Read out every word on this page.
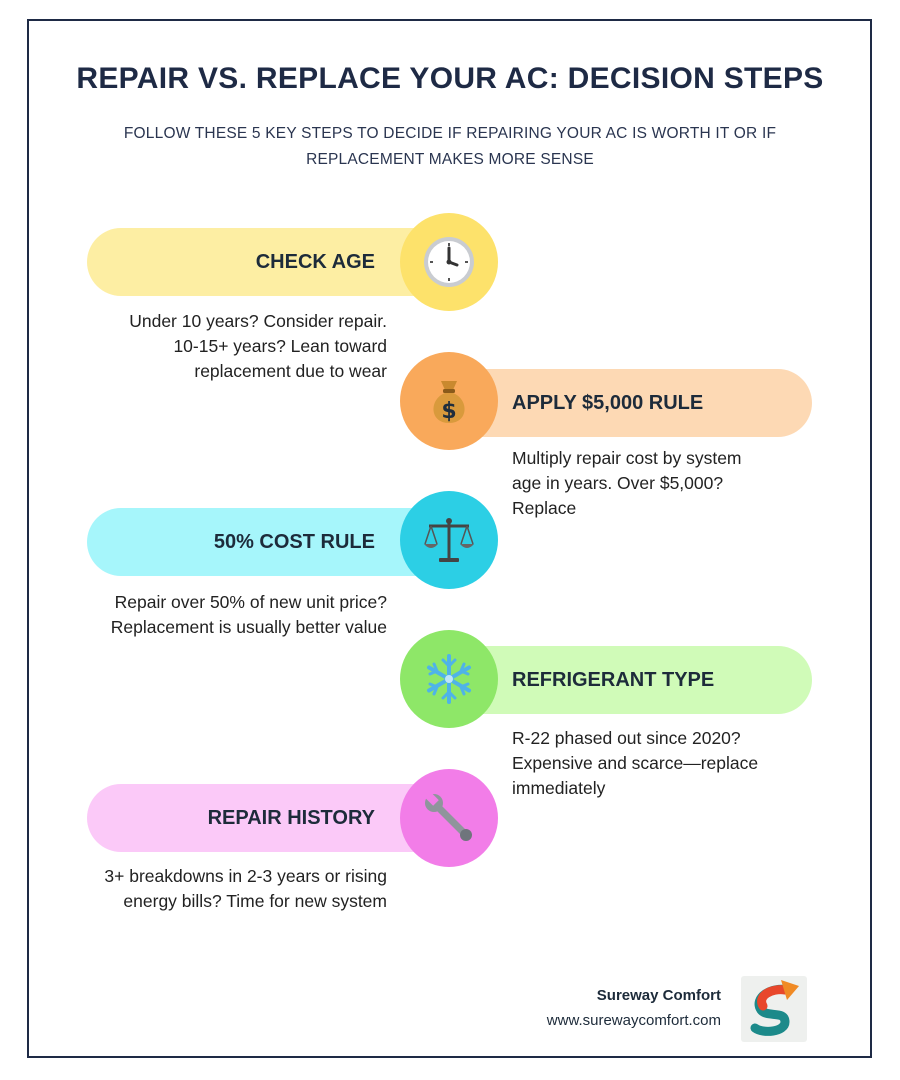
REPAIR VS. REPLACE YOUR AC: DECISION STEPS

FOLLOW THESE 5 KEY STEPS TO DECIDE IF REPAIRING YOUR AC IS WORTH IT OR IF REPLACEMENT MAKES MORE SENSE

CHECK AGE

Under 10 years? Consider repair. 10-15+ years? Lean toward replacement due to wear

APPLY $5,000 RULE
$

Multiply repair cost by system age in years. Over $5,000? Replace

50% COST RULE

Repair over 50% of new unit price? Replacement is usually better value

REFRIGERANT TYPE

R-22 phased out since 2020? Expensive and scarce—replace immediately

REPAIR HISTORY

3+ breakdowns in 2-3 years or rising energy bills? Time for new system

Sureway Comfort
www.surewaycomfort.com
